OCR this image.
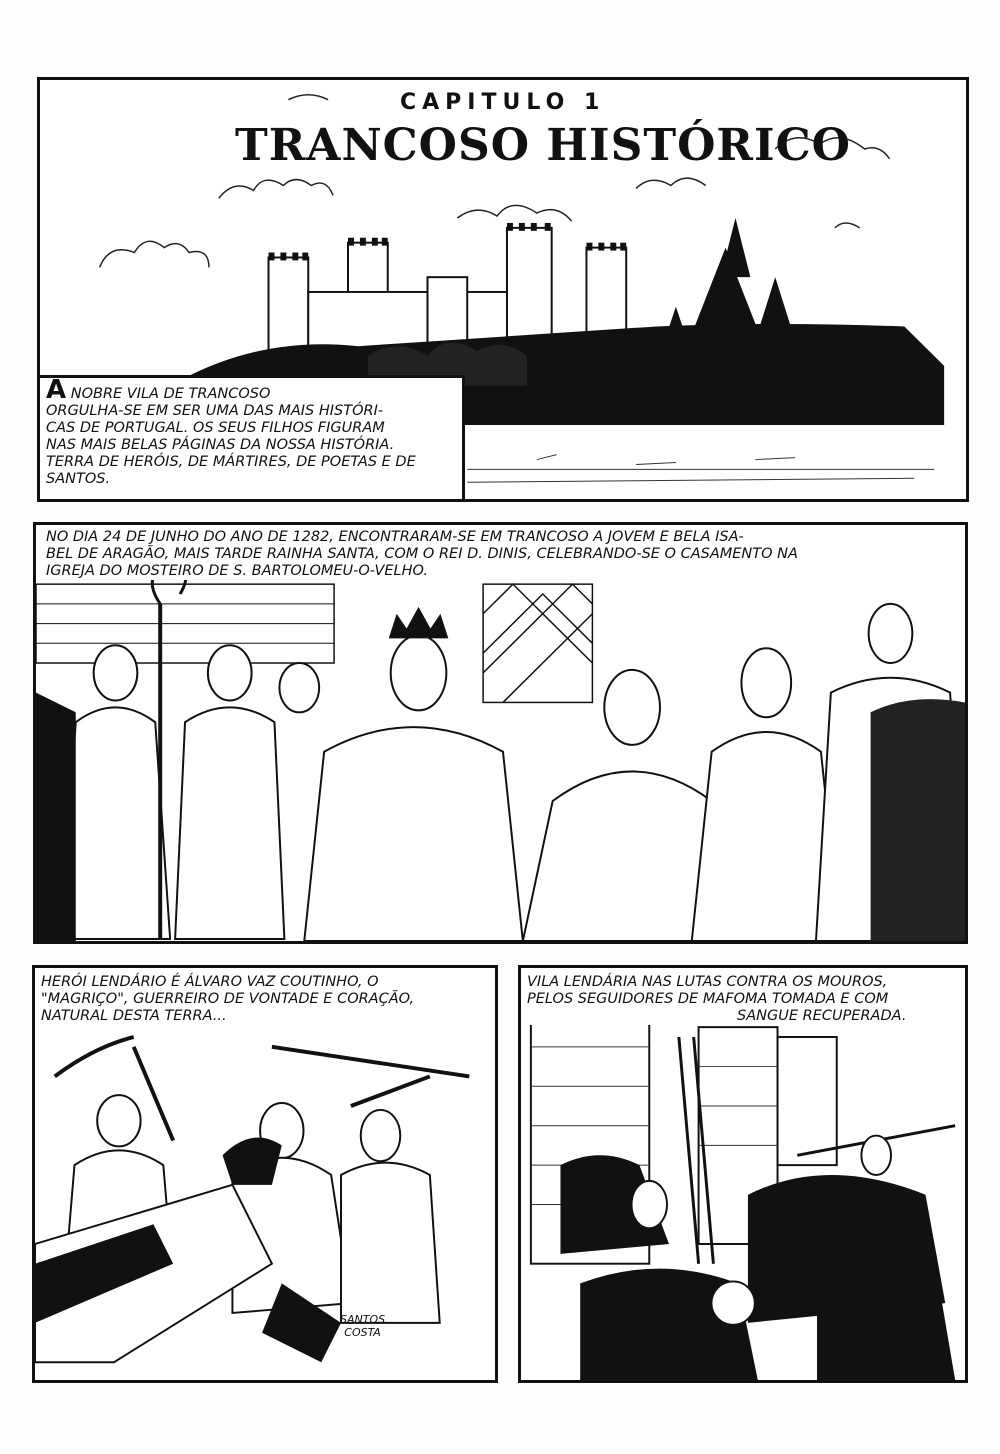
CAPITULO 1
TRANCOSO HISTÓRICO
A NOBRE VILA DE TRANCOSO
ORGULHA-SE EM SER UMA DAS MAIS HISTÓRI-
CAS DE PORTUGAL. OS SEUS FILHOS FIGURAM
NAS MAIS BELAS PÁGINAS DA NOSSA HISTÓRIA.
TERRA DE HERÓIS, DE MÁRTIRES, DE POETAS E DE
SANTOS.
NO DIA 24 DE JUNHO DO ANO DE 1282, ENCONTRARAM-SE EM TRANCOSO A JOVEM E BELA ISA-
BEL DE ARAGÃO, MAIS TARDE RAINHA SANTA, COM O REI D. DINIS, CELEBRANDO-SE O CASAMENTO NA
IGREJA DO MOSTEIRO DE S. BARTOLOMEU-O-VELHO.
HERÓI LENDÁRIO É ÁLVARO VAZ COUTINHO, O
"MAGRIÇO", GUERREIRO DE VONTADE E CORAÇÃO,
NATURAL DESTA TERRA...
SANTOS
COSTA
VILA LENDÁRIA NAS LUTAS CONTRA OS MOUROS,
PELOS SEGUIDORES DE MAFOMA TOMADA E COM
SANGUE RECUPERADA.
